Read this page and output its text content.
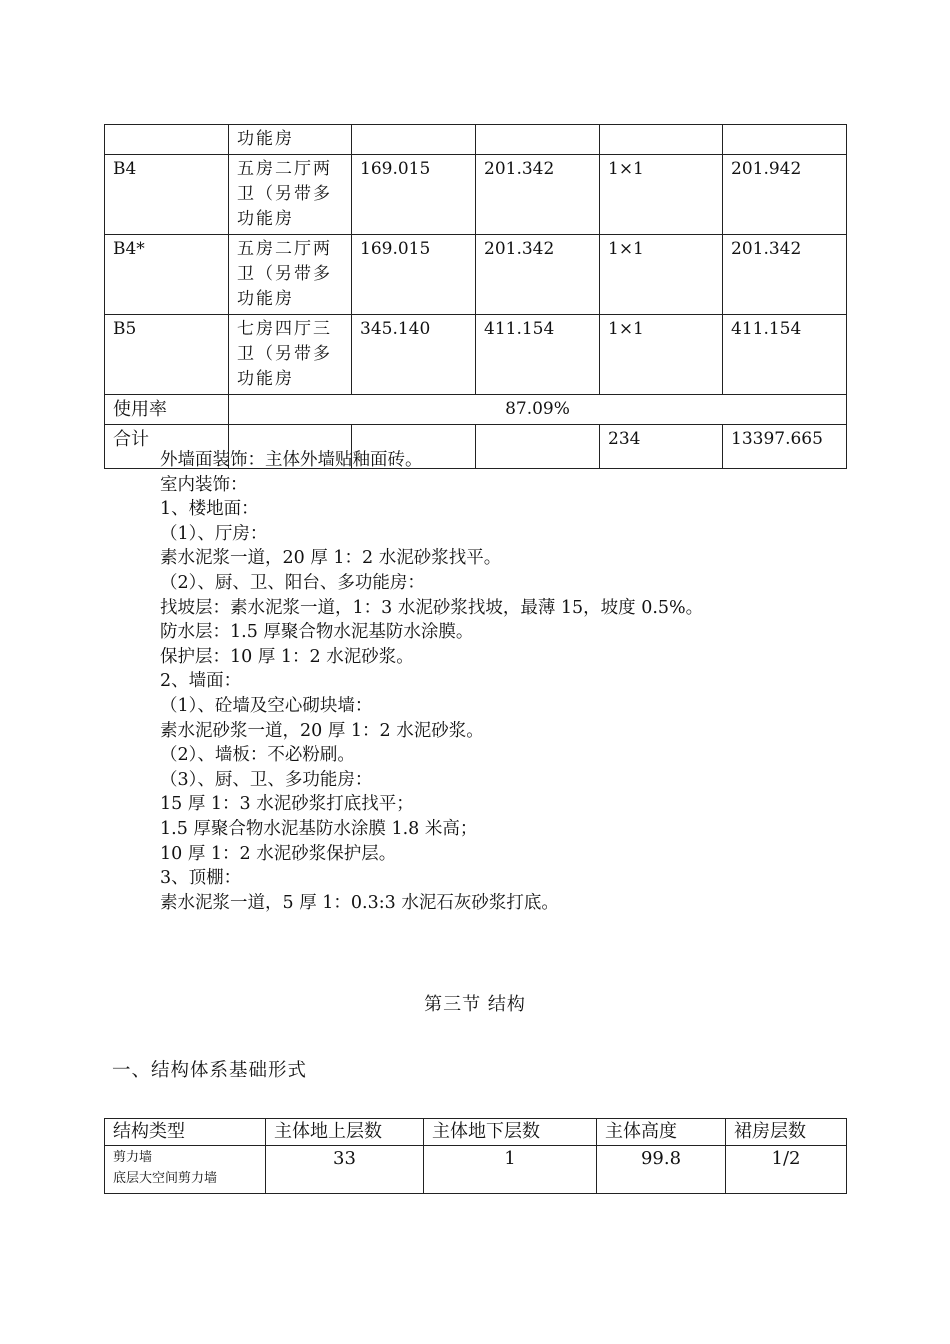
	功能房				
B4	五房二厅两卫（另带多功能房	169.015	201.342	1×1	201.942
B4*	五房二厅两卫（另带多功能房	169.015	201.342	1×1	201.342
B5	七房四厅三卫（另带多功能房	345.140	411.154	1×1	411.154
使用率	87.09%				
合计				234	13397.665
外墙面装饰：主体外墙贴釉面砖。
室内装饰：
1、楼地面：
（1）、厅房：
素水泥浆一道，20 厚 1：2 水泥砂浆找平。
（2）、厨、卫、阳台、多功能房：
找坡层：素水泥浆一道，1：3 水泥砂浆找坡，最薄 15，坡度 0.5%。
防水层：1.5 厚聚合物水泥基防水涂膜。
保护层：10 厚 1：2 水泥砂浆。
2、墙面：
（1）、砼墙及空心砌块墙：
素水泥砂浆一道，20 厚 1：2 水泥砂浆。
（2）、墙板：不必粉刷。
（3）、厨、卫、多功能房：
15 厚 1：3 水泥砂浆打底找平；
1.5 厚聚合物水泥基防水涂膜 1.8 米高；
10 厚 1：2 水泥砂浆保护层。
3、顶棚：
素水泥浆一道，5 厚 1：0.3:3 水泥石灰砂浆打底。
第三节 结构
一、结构体系基础形式
结构类型	主体地上层数	主体地下层数	主体高度	裙房层数

剪力墙
底层大空间剪力墙	33	1	99.8	1/2
